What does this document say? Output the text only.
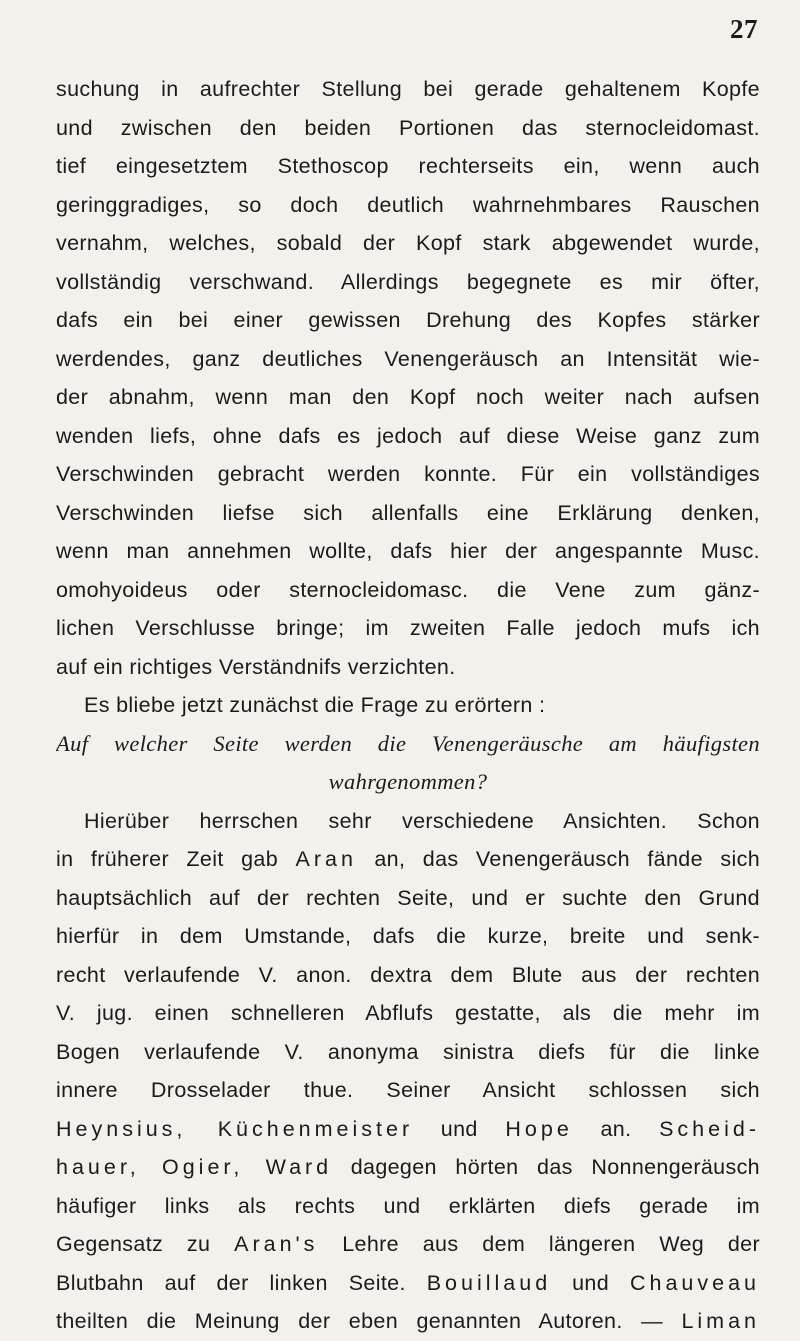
27
suchung in aufrechter Stellung bei gerade gehaltenem Kopfe
und zwischen den beiden Portionen das sternocleidomast.
tief eingesetztem Stethoscop rechterseits ein, wenn auch
geringgradiges, so doch deutlich wahrnehmbares Rauschen
vernahm, welches, sobald der Kopf stark abgewendet wurde,
vollständig verschwand. Allerdings begegnete es mir öfter,
dafs ein bei einer gewissen Drehung des Kopfes stärker
werdendes, ganz deutliches Venengeräusch an Intensität wie-
der abnahm, wenn man den Kopf noch weiter nach aufsen
wenden liefs, ohne dafs es jedoch auf diese Weise ganz zum
Verschwinden gebracht werden konnte. Für ein vollständiges
Verschwinden liefse sich allenfalls eine Erklärung denken,
wenn man annehmen wollte, dafs hier der angespannte Musc.
omohyoideus oder sternocleidomasc. die Vene zum gänz-
lichen Verschlusse bringe; im zweiten Falle jedoch mufs ich
auf ein richtiges Verständnifs verzichten.
Es bliebe jetzt zunächst die Frage zu erörtern :
Auf welcher Seite werden die Venengeräusche am häufigsten
wahrgenommen?
Hierüber herrschen sehr verschiedene Ansichten. Schon
in früherer Zeit gab Aran an, das Venengeräusch fände sich
hauptsächlich auf der rechten Seite, und er suchte den Grund
hierfür in dem Umstande, dafs die kurze, breite und senk-
recht verlaufende V. anon. dextra dem Blute aus der rechten
V. jug. einen schnelleren Abflufs gestatte, als die mehr im
Bogen verlaufende V. anonyma sinistra diefs für die linke
innere Drosselader thue. Seiner Ansicht schlossen sich
Heynsius, Küchenmeister und Hope an. Scheid-
hauer, Ogier, Ward dagegen hörten das Nonnengeräusch
häufiger links als rechts und erklärten diefs gerade im
Gegensatz zu Aran's Lehre aus dem längeren Weg der
Blutbahn auf der linken Seite. Bouillaud und Chauveau
theilten die Meinung der eben genannten Autoren. — Liman
